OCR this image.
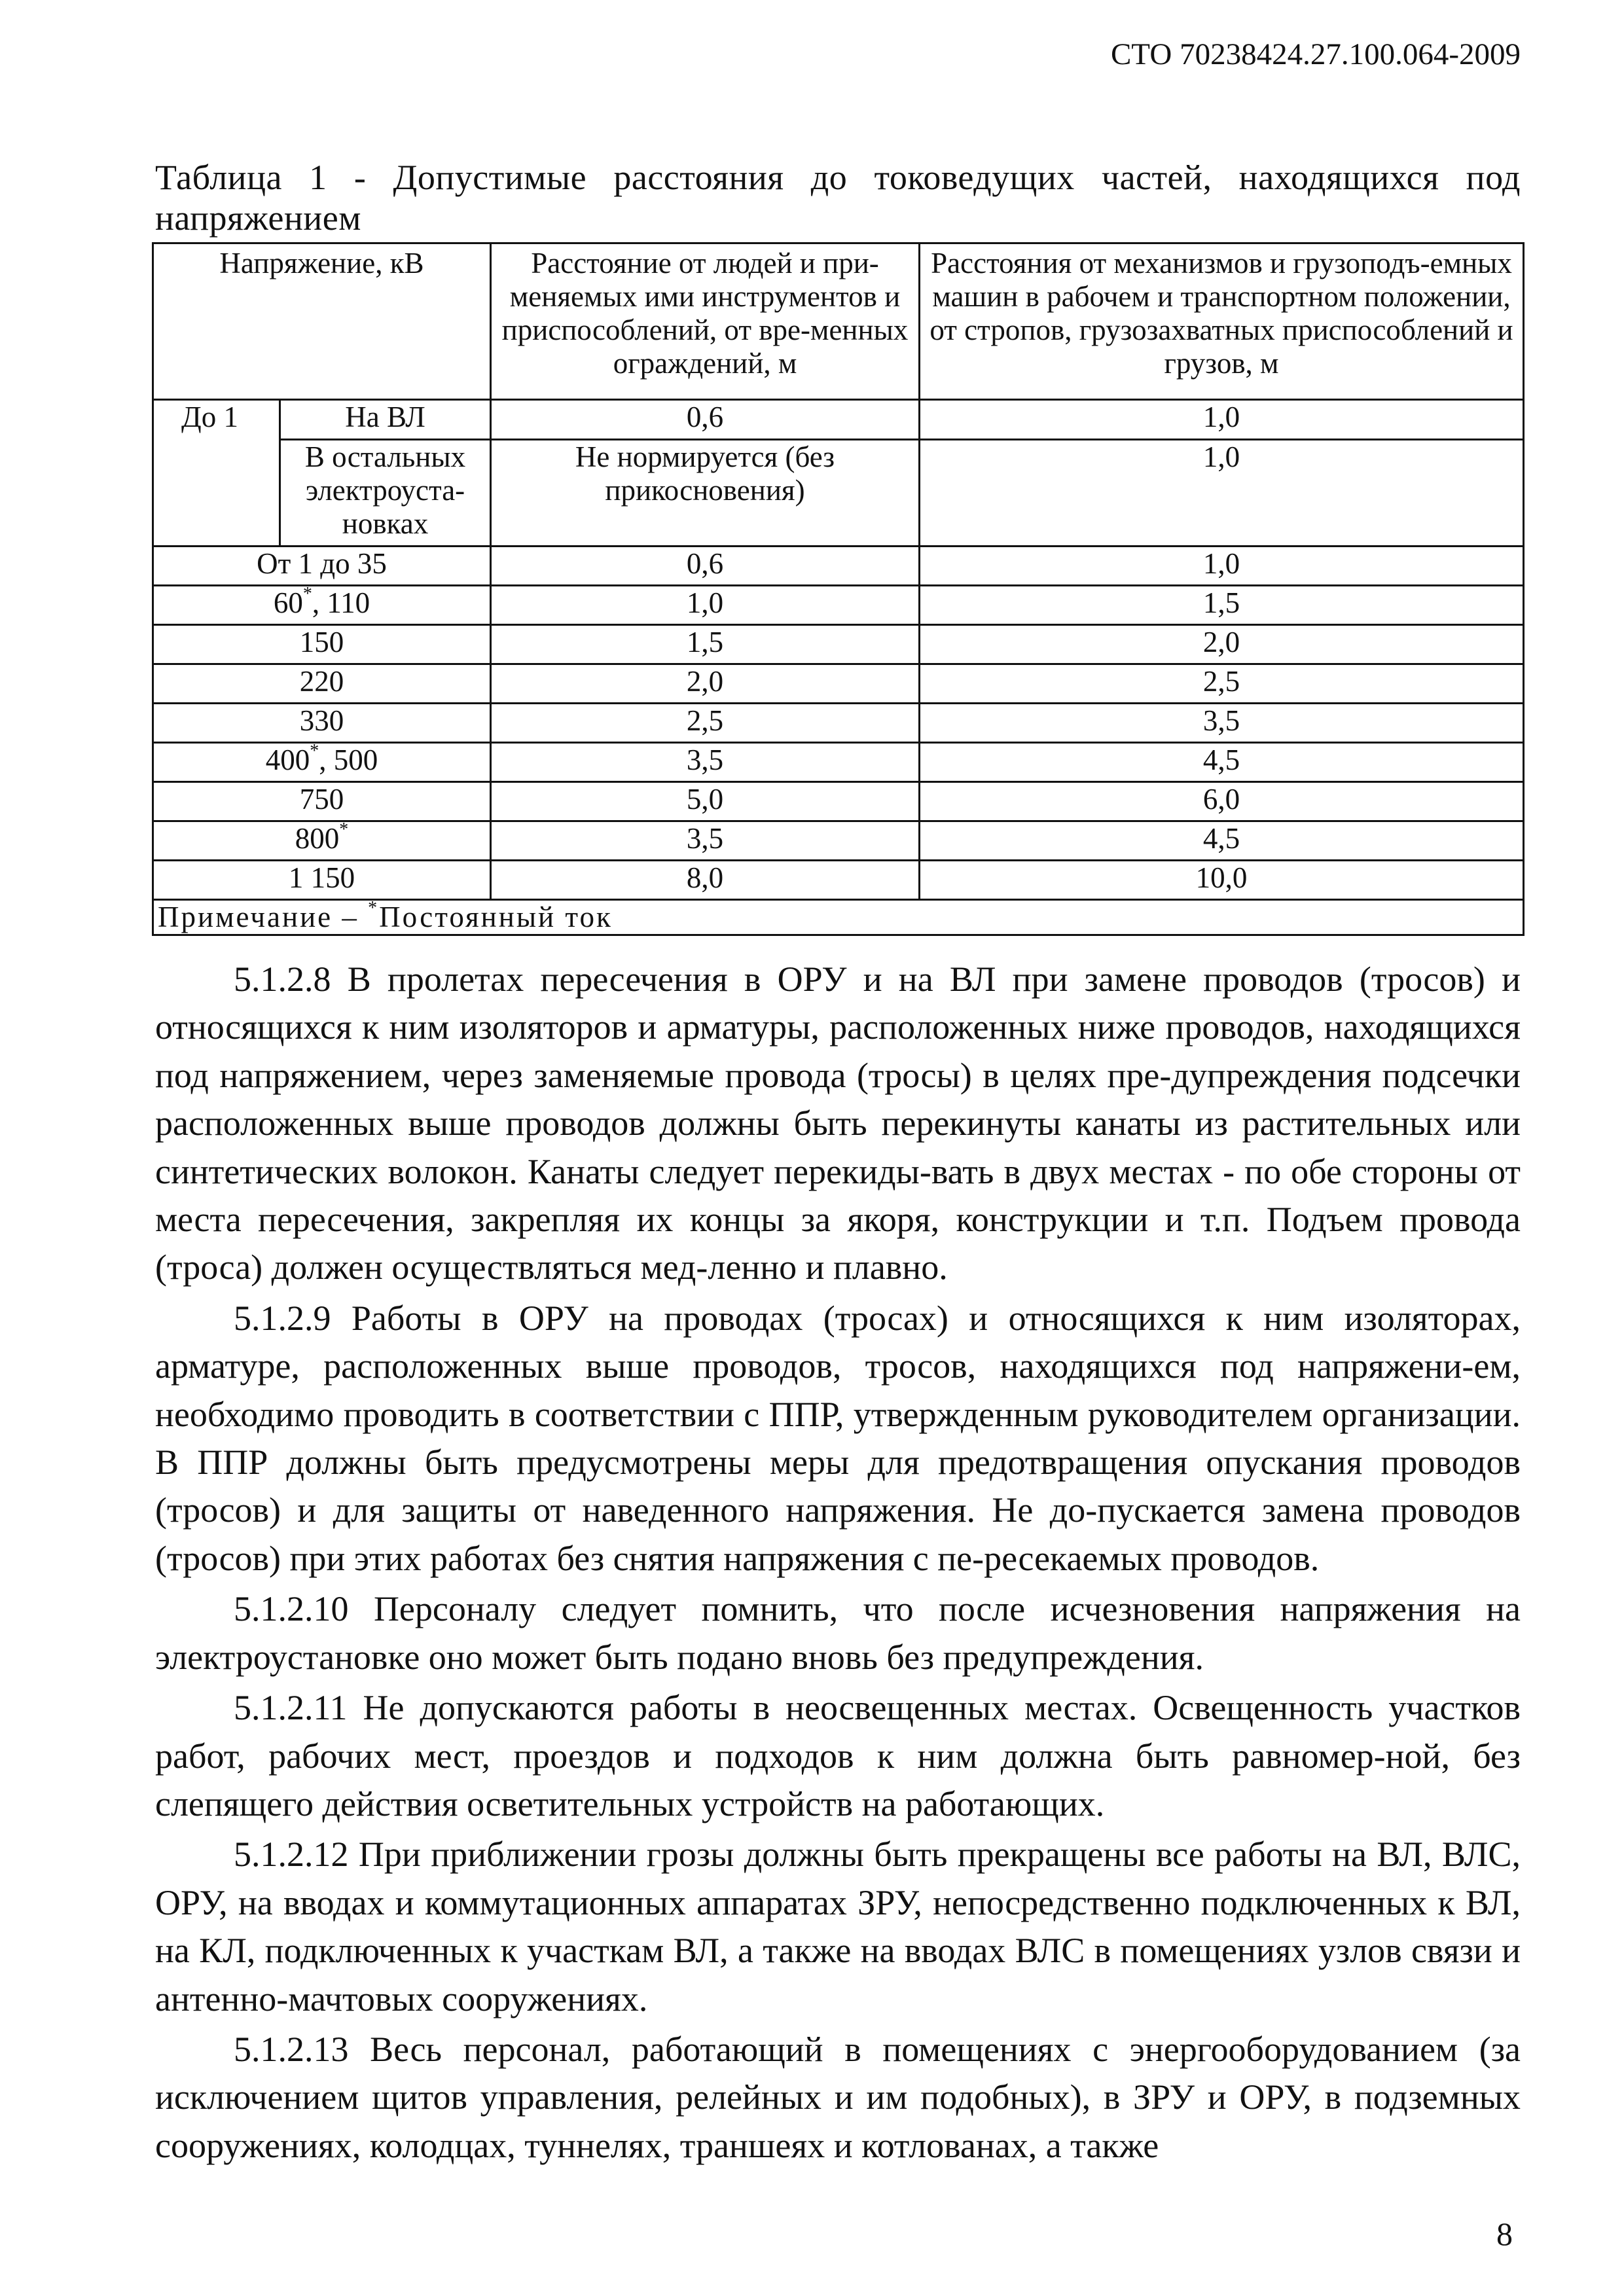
СТО 70238424.27.100.064-2009
Таблица 1 - Допустимые расстояния до токоведущих частей, находящихся под напряжением
Напряжение, кВ		Расстояние от людей и при-меняемых ими инструментов и приспособлений, от вре-менных ограждений, м	Расстояния от механизмов и грузоподъ-емных машин в рабочем и транспортном положении, от стропов, грузозахватных приспособлений и грузов, м
До 1	На ВЛ	0,6	1,0
	В остальных электроуста-новках	Не нормируется (без прикосновения)	1,0
От 1 до 35		0,6	1,0
60*, 110		1,0	1,5
150		1,5	2,0
220		2,0	2,5
330		2,5	3,5
400*, 500		3,5	4,5
750		5,0	6,0
800*		3,5	4,5
1 150		8,0	10,0
Примечание – *Постоянный ток			

5.1.2.8 В пролетах пересечения в ОРУ и на ВЛ при замене проводов (тросов) и относящихся к ним изоляторов и арматуры, расположенных ниже проводов, находящихся под напряжением, через заменяемые провода (тросы) в целях пре-дупреждения подсечки расположенных выше проводов должны быть перекинуты канаты из растительных или синтетических волокон. Канаты следует перекиды-вать в двух местах - по обе стороны от места пересечения, закрепляя их концы за якоря, конструкции и т.п. Подъем провода (троса) должен осуществляться мед-ленно и плавно.

5.1.2.9 Работы в ОРУ на проводах (тросах) и относящихся к ним изоляторах, арматуре, расположенных выше проводов, тросов, находящихся под напряжени-ем, необходимо проводить в соответствии с ППР, утвержденным руководителем организации. В ППР должны быть предусмотрены меры для предотвращения опускания проводов (тросов) и для защиты от наведенного напряжения. Не до-пускается замена проводов (тросов) при этих работах без снятия напряжения с пе-ресекаемых проводов.

5.1.2.10 Персоналу следует помнить, что после исчезновения напряжения на электроустановке оно может быть подано вновь без предупреждения.

5.1.2.11 Не допускаются работы в неосвещенных местах. Освещенность участков работ, рабочих мест, проездов и подходов к ним должна быть равномер-ной, без слепящего действия осветительных устройств на работающих.

5.1.2.12 При приближении грозы должны быть прекращены все работы на ВЛ, ВЛС, ОРУ, на вводах и коммутационных аппаратах ЗРУ, непосредственно подключенных к ВЛ, на КЛ, подключенных к участкам ВЛ, а также на вводах ВЛС в помещениях узлов связи и антенно-мачтовых сооружениях.

5.1.2.13 Весь персонал, работающий в помещениях с энергооборудованием (за исключением щитов управления, релейных и им подобных), в ЗРУ и ОРУ, в подземных сооружениях, колодцах, туннелях, траншеях и котлованах, а также

8
